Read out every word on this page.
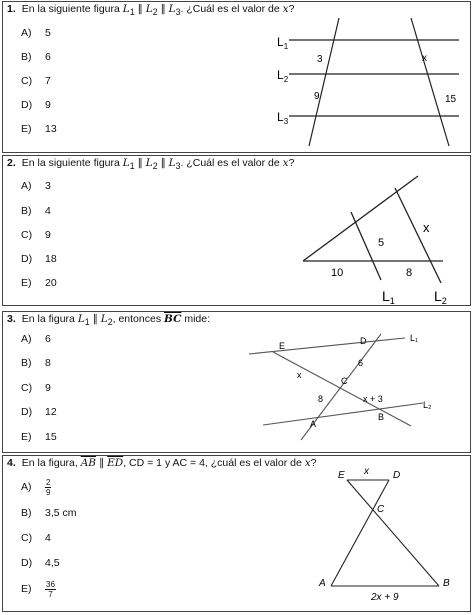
1. En la siguiente figura $L_1$ ∥ $L_2$ ∥ $L_3$. ¿Cuál es el valor de x?
A) 5
B) 6
C) 7
D) 9
E) 13
$L_1$
$L_2$
$L_3$
3	x
9	15
2. En la siguiente figura $L_1$ ∥ $L_2$ ∥ $L_3$. ¿Cuál es el valor de x?
A) 3
B) 4
C) 9
D) 18
E) 20
x
5
10	8
$L_1$	$L_2$
3. En la figura $L_1$ ∥ $L_2$, entonces $\overline{BC}$ mide:
A) 6
B) 8
C) 9
D) 12
E) 15
E	D	L₁
6
x
C
8	x + 3
B
L₂
A
4. En la figura, $\overline{AB}$ ∥ $\overline{ED}$, CD = 1 y AC = 4, ¿cuál es el valor de x?
$A) \frac{2}{9}$
B) 3,5 cm
C) 4
D) 4,5
$E) \frac{36}{7}$
E x D
C
A	B
2x + 9
